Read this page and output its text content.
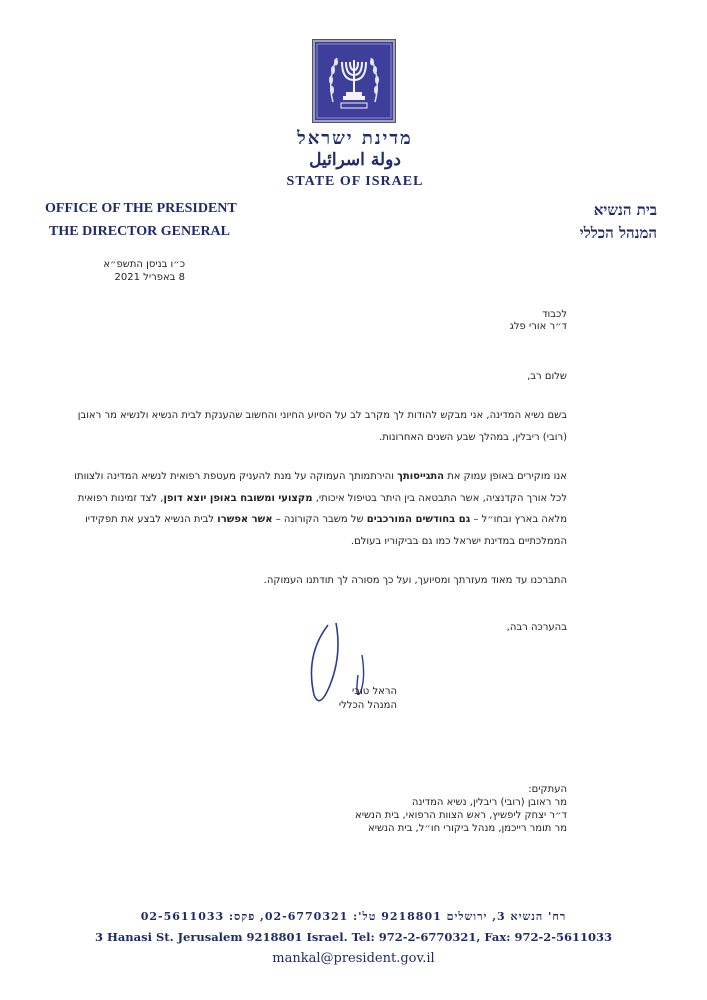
מדינת ישראל
دولة اسرائيل
STATE OF ISRAEL
OFFICE OF THE PRESIDENT
THE DIRECTOR GENERAL
בית הנשיא
המנהל הכללי
כ״ו בניסן התשפ״א
8 באפריל 2021
לכבוד
ד״ר אורי פלג
שלום רב,
בשם נשיא המדינה, אני מבקש להודות לך מקרב לב על הסיוע החיוני והחשוב שהענקת לבית הנשיא ולנשיא מר ראובן (רובי) ריבלין, במהלך שבע השנים האחרונות.
אנו מוקירים באופן עמוק את התגייסותך והירתמותך העמוקה על מנת להעניק מעטפת רפואית לנשיא המדינה ולצוותו לכל אורך הקדנציה, אשר התבטאה בין היתר בטיפול איכותי, מקצועי ומשובח באופן יוצא דופן, לצד זמינות רפואית מלאה בארץ ובחו״ל – גם בחודשים המורכבים של משבר הקורונה – אשר אפשרו לבית הנשיא לבצע את תפקידיו הממלכתיים במדינת ישראל כמו גם בביקוריו בעולם.
התברכנו עד מאוד מעזרתך ומסיועך, ועל כך מסורה לך תודתנו העמוקה.
בהערכה רבה,
הראל טובי
המנהל הכללי
העתקים:
מר ראובן (רובי) ריבלין, נשיא המדינה
ד״ר יצחק ליפשיץ, ראש הצוות הרפואי, בית הנשיא
מר תומר רייכמן, מנהל ביקורי חו״ל, בית הנשיא
רח' הנשיא 3, ירושלים 9218801 טל': 02-6770321, פקס: 02-5611033
3 Hanasi St. Jerusalem 9218801 Israel. Tel: 972-2-6770321, Fax: 972-2-5611033
mankal@president.gov.il
